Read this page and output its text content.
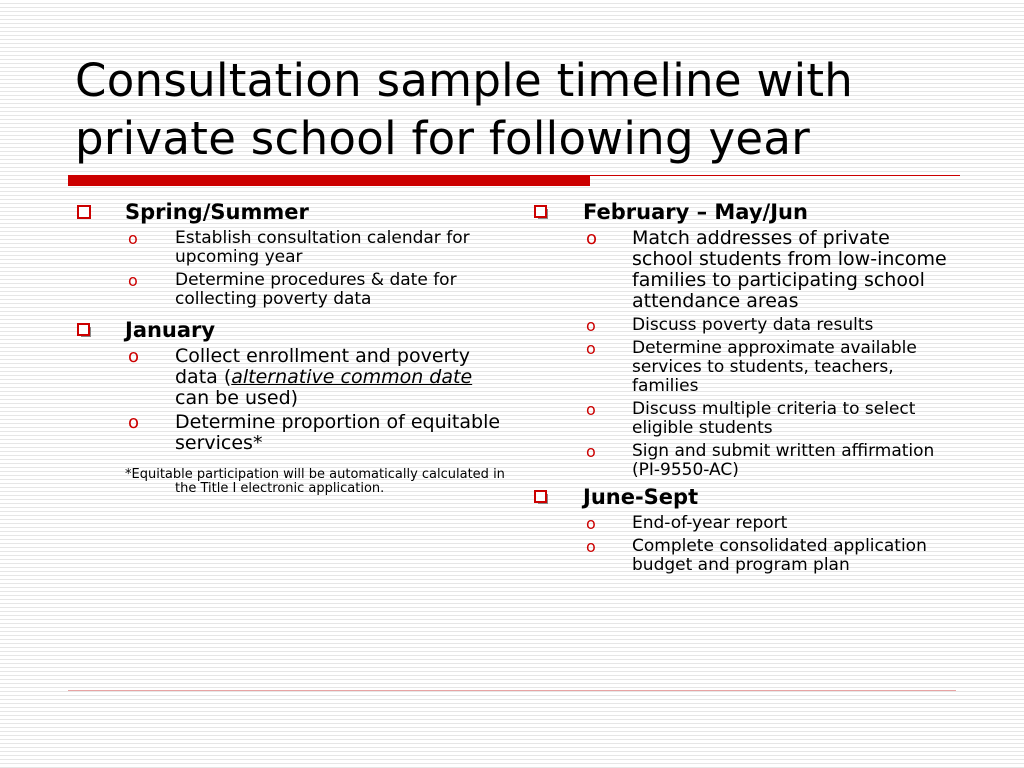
Consultation sample timeline with
private school for following year
Spring/Summer
o Establish consultation calendar for upcoming year
o Determine procedures & date for collecting poverty data
January
o Collect enrollment and poverty data (alternative common date can be used)
o Determine proportion of equitable services*
*Equitable participation will be automatically calculated in the Title I electronic application.
February – May/Jun
o Match addresses of private school students from low-income families to participating school attendance areas
o Discuss poverty data results
o Determine approximate available services to students, teachers, families
o Discuss multiple criteria to select eligible students
o Sign and submit written affirmation (PI-9550-AC)
June-Sept
o End-of-year report
o Complete consolidated application budget and program plan
